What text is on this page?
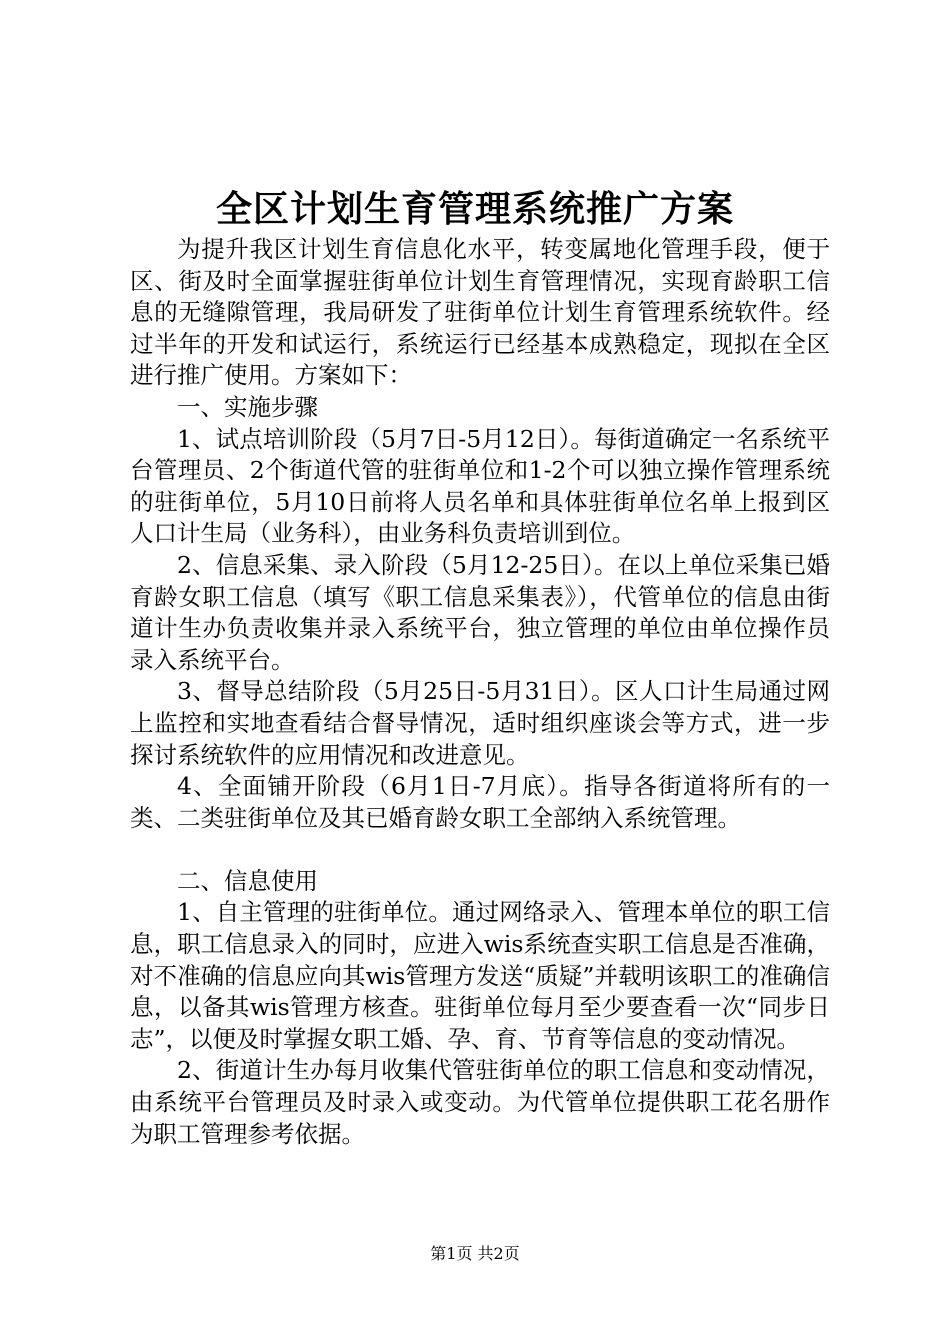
全区计划生育管理系统推广方案

为提升我区计划生育信息化水平，转变属地化管理手段，便于区、街及时全面掌握驻街单位计划生育管理情况，实现育龄职工信息的无缝隙管理，我局研发了驻街单位计划生育管理系统软件。经过半年的开发和试运行，系统运行已经基本成熟稳定，现拟在全区进行推广使用。方案如下：

一、实施步骤

1、试点培训阶段（5月7日-5月12日）。每街道确定一名系统平台管理员、2个街道代管的驻街单位和1-2个可以独立操作管理系统的驻街单位，5月10日前将人员名单和具体驻街单位名单上报到区人口计生局（业务科），由业务科负责培训到位。

2、信息采集、录入阶段（5月12-25日）。在以上单位采集已婚育龄女职工信息（填写《职工信息采集表》），代管单位的信息由街道计生办负责收集并录入系统平台，独立管理的单位由单位操作员录入系统平台。

3、督导总结阶段（5月25日-5月31日）。区人口计生局通过网上监控和实地查看结合督导情况，适时组织座谈会等方式，进一步探讨系统软件的应用情况和改进意见。

4、全面铺开阶段（6月1日-7月底）。指导各街道将所有的一类、二类驻街单位及其已婚育龄女职工全部纳入系统管理。

二、信息使用

1、自主管理的驻街单位。通过网络录入、管理本单位的职工信息，职工信息录入的同时，应进入wis系统查实职工信息是否准确，对不准确的信息应向其wis管理方发送“质疑”并载明该职工的准确信息，以备其wis管理方核查。驻街单位每月至少要查看一次“同步日志”，以便及时掌握女职工婚、孕、育、节育等信息的变动情况。

2、街道计生办每月收集代管驻街单位的职工信息和变动情况，由系统平台管理员及时录入或变动。为代管单位提供职工花名册作为职工管理参考依据。

第1页 共2页
